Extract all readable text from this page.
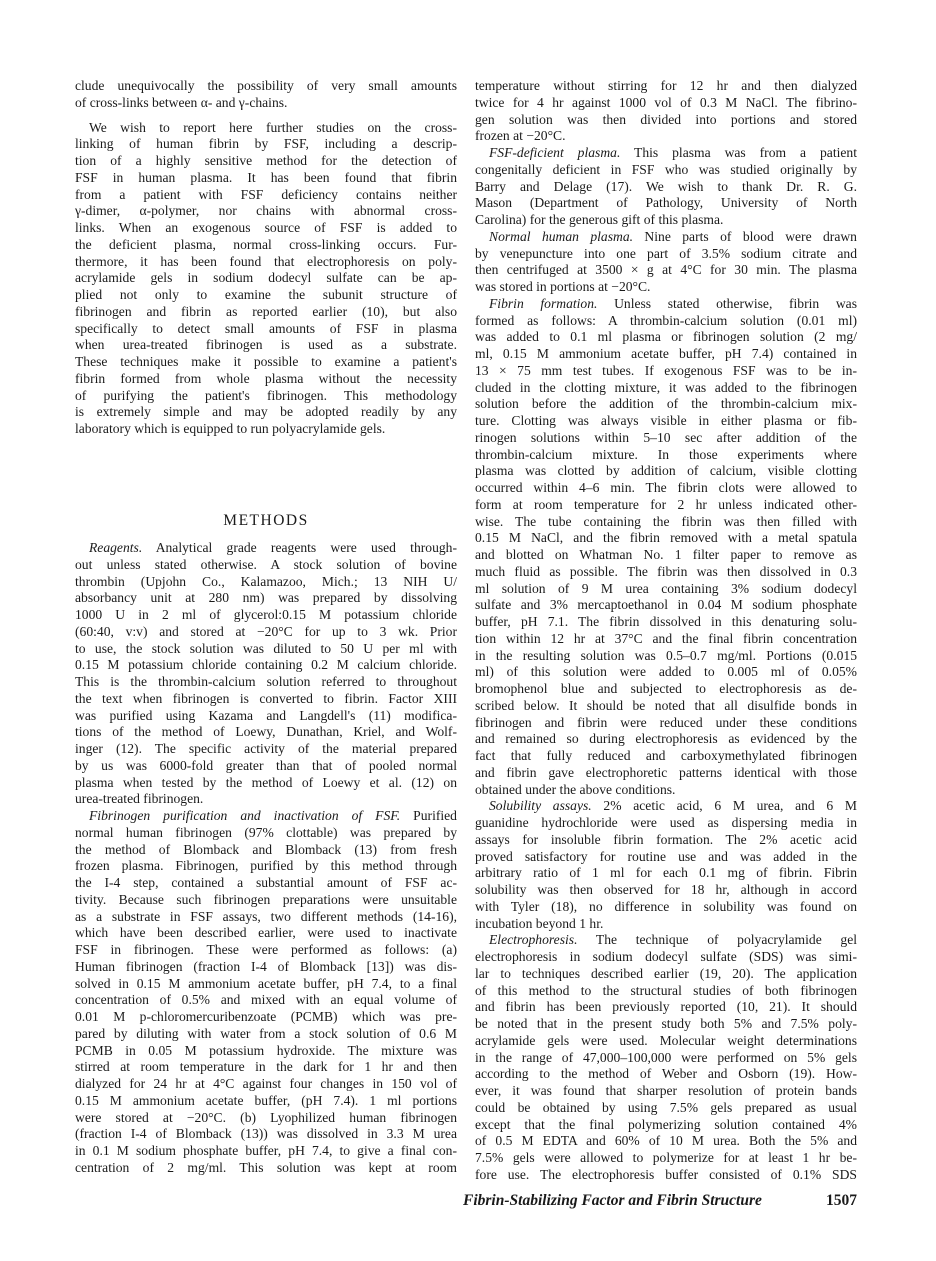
clude unequivocally the possibility of very small amounts
of cross-links between α- and γ-chains.
We wish to report here further studies on the cross-
linking of human fibrin by FSF, including a descrip-
tion of a highly sensitive method for the detection of
FSF in human plasma. It has been found that fibrin
from a patient with FSF deficiency contains neither
γ-dimer, α-polymer, nor chains with abnormal cross-
links. When an exogenous source of FSF is added to
the deficient plasma, normal cross-linking occurs. Fur-
thermore, it has been found that electrophoresis on poly-
acrylamide gels in sodium dodecyl sulfate can be ap-
plied not only to examine the subunit structure of
fibrinogen and fibrin as reported earlier (10), but also
specifically to detect small amounts of FSF in plasma
when urea-treated fibrinogen is used as a substrate.
These techniques make it possible to examine a patient's
fibrin formed from whole plasma without the necessity
of purifying the patient's fibrinogen. This methodology
is extremely simple and may be adopted readily by any
laboratory which is equipped to run polyacrylamide gels.
METHODS
Reagents. Analytical grade reagents were used through-
out unless stated otherwise. A stock solution of bovine
thrombin (Upjohn Co., Kalamazoo, Mich.; 13 NIH U/
absorbancy unit at 280 nm) was prepared by dissolving
1000 U in 2 ml of glycerol:0.15 M potassium chloride
(60:40, v:v) and stored at −20°C for up to 3 wk. Prior
to use, the stock solution was diluted to 50 U per ml with
0.15 M potassium chloride containing 0.2 M calcium chloride.
This is the thrombin-calcium solution referred to throughout
the text when fibrinogen is converted to fibrin. Factor XIII
was purified using Kazama and Langdell's (11) modifica-
tions of the method of Loewy, Dunathan, Kriel, and Wolf-
inger (12). The specific activity of the material prepared
by us was 6000-fold greater than that of pooled normal
plasma when tested by the method of Loewy et al. (12) on
urea-treated fibrinogen.
Fibrinogen purification and inactivation of FSF. Purified
normal human fibrinogen (97% clottable) was prepared by
the method of Blomback and Blomback (13) from fresh
frozen plasma. Fibrinogen, purified by this method through
the I-4 step, contained a substantial amount of FSF ac-
tivity. Because such fibrinogen preparations were unsuitable
as a substrate in FSF assays, two different methods (14-16),
which have been described earlier, were used to inactivate
FSF in fibrinogen. These were performed as follows: (a)
Human fibrinogen (fraction I-4 of Blomback [13]) was dis-
solved in 0.15 M ammonium acetate buffer, pH 7.4, to a final
concentration of 0.5% and mixed with an equal volume of
0.01 M p-chloromercuribenzoate (PCMB) which was pre-
pared by diluting with water from a stock solution of 0.6 M
PCMB in 0.05 M potassium hydroxide. The mixture was
stirred at room temperature in the dark for 1 hr and then
dialyzed for 24 hr at 4°C against four changes in 150 vol of
0.15 M ammonium acetate buffer, (pH 7.4). 1 ml portions
were stored at −20°C. (b) Lyophilized human fibrinogen
(fraction I-4 of Blomback (13)) was dissolved in 3.3 M urea
in 0.1 M sodium phosphate buffer, pH 7.4, to give a final con-
centration of 2 mg/ml. This solution was kept at room
temperature without stirring for 12 hr and then dialyzed
twice for 4 hr against 1000 vol of 0.3 M NaCl. The fibrino-
gen solution was then divided into portions and stored
frozen at −20°C.
FSF-deficient plasma. This plasma was from a patient
congenitally deficient in FSF who was studied originally by
Barry and Delage (17). We wish to thank Dr. R. G.
Mason (Department of Pathology, University of North
Carolina) for the generous gift of this plasma.
Normal human plasma. Nine parts of blood were drawn
by venepuncture into one part of 3.5% sodium citrate and
then centrifuged at 3500 × g at 4°C for 30 min. The plasma
was stored in portions at −20°C.
Fibrin formation. Unless stated otherwise, fibrin was
formed as follows: A thrombin-calcium solution (0.01 ml)
was added to 0.1 ml plasma or fibrinogen solution (2 mg/
ml, 0.15 M ammonium acetate buffer, pH 7.4) contained in
13 × 75 mm test tubes. If exogenous FSF was to be in-
cluded in the clotting mixture, it was added to the fibrinogen
solution before the addition of the thrombin-calcium mix-
ture. Clotting was always visible in either plasma or fib-
rinogen solutions within 5–10 sec after addition of the
thrombin-calcium mixture. In those experiments where
plasma was clotted by addition of calcium, visible clotting
occurred within 4–6 min. The fibrin clots were allowed to
form at room temperature for 2 hr unless indicated other-
wise. The tube containing the fibrin was then filled with
0.15 M NaCl, and the fibrin removed with a metal spatula
and blotted on Whatman No. 1 filter paper to remove as
much fluid as possible. The fibrin was then dissolved in 0.3
ml solution of 9 M urea containing 3% sodium dodecyl
sulfate and 3% mercaptoethanol in 0.04 M sodium phosphate
buffer, pH 7.1. The fibrin dissolved in this denaturing solu-
tion within 12 hr at 37°C and the final fibrin concentration
in the resulting solution was 0.5–0.7 mg/ml. Portions (0.015
ml) of this solution were added to 0.005 ml of 0.05%
bromophenol blue and subjected to electrophoresis as de-
scribed below. It should be noted that all disulfide bonds in
fibrinogen and fibrin were reduced under these conditions
and remained so during electrophoresis as evidenced by the
fact that fully reduced and carboxymethylated fibrinogen
and fibrin gave electrophoretic patterns identical with those
obtained under the above conditions.
Solubility assays. 2% acetic acid, 6 M urea, and 6 M
guanidine hydrochloride were used as dispersing media in
assays for insoluble fibrin formation. The 2% acetic acid
proved satisfactory for routine use and was added in the
arbitrary ratio of 1 ml for each 0.1 mg of fibrin. Fibrin
solubility was then observed for 18 hr, although in accord
with Tyler (18), no difference in solubility was found on
incubation beyond 1 hr.
Electrophoresis. The technique of polyacrylamide gel
electrophoresis in sodium dodecyl sulfate (SDS) was simi-
lar to techniques described earlier (19, 20). The application
of this method to the structural studies of both fibrinogen
and fibrin has been previously reported (10, 21). It should
be noted that in the present study both 5% and 7.5% poly-
acrylamide gels were used. Molecular weight determinations
in the range of 47,000–100,000 were performed on 5% gels
according to the method of Weber and Osborn (19). How-
ever, it was found that sharper resolution of protein bands
could be obtained by using 7.5% gels prepared as usual
except that the final polymerizing solution contained 4%
of 0.5 M EDTA and 60% of 10 M urea. Both the 5% and
7.5% gels were allowed to polymerize for at least 1 hr be-
fore use. The electrophoresis buffer consisted of 0.1% SDS
Fibrin-Stabilizing Factor and Fibrin Structure	1507
